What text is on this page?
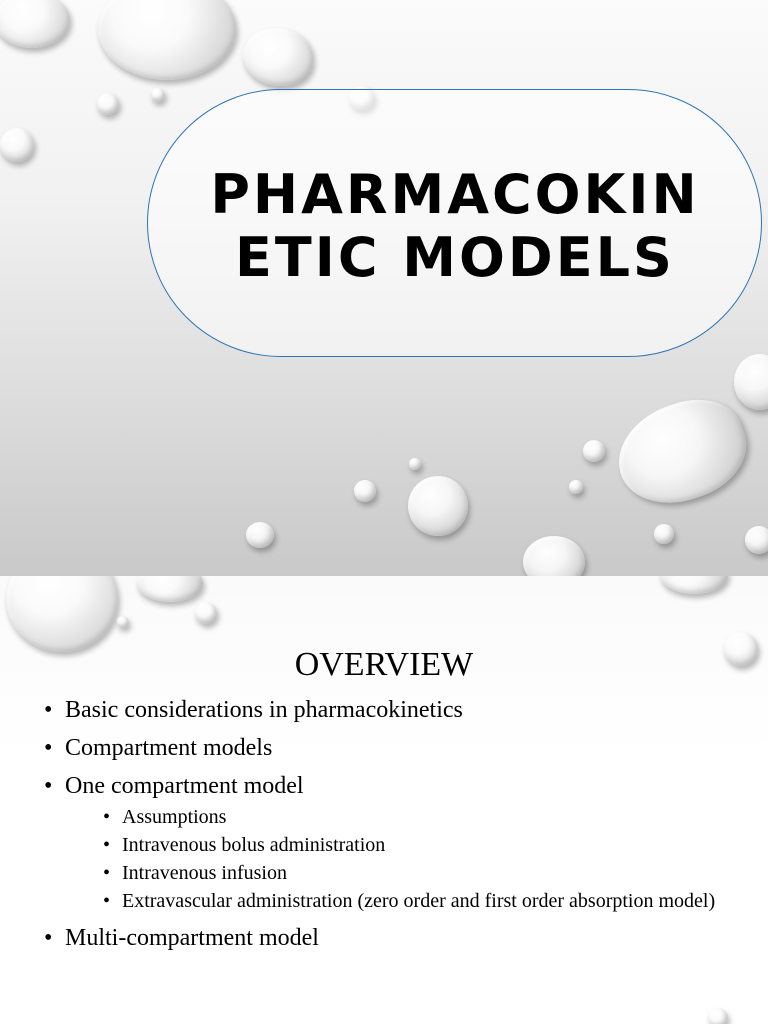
PHARMACOKIN
ETIC MODELS
OVERVIEW
• Basic considerations in pharmacokinetics
• Compartment models
• One compartment model
• Assumptions
• Intravenous bolus administration
• Intravenous infusion
• Extravascular administration (zero order and first order absorption model)
• Multi-compartment model
